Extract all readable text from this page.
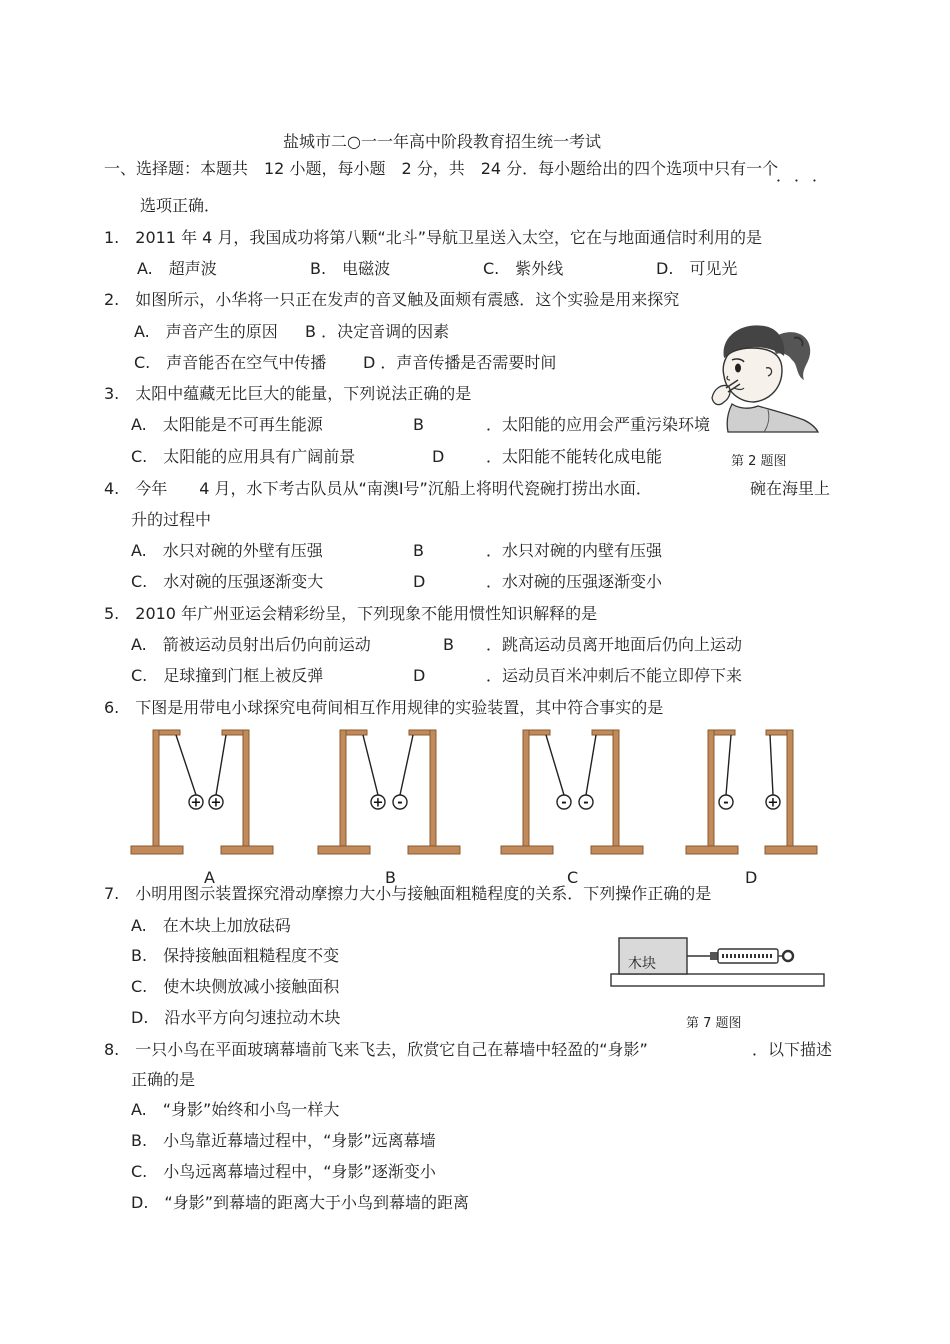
盐城市二○一一年高中阶段教育招生统一考试
一、选择题：本题共　12 小题，每小题　2 分，共　24 分．每小题给出的四个选项中只有一个
．．．
选项正确．
1.　2011 年 4 月，我国成功将第八颗“北斗”导航卫星送入太空，它在与地面通信时利用的是
A.　超声波	B.　电磁波	C.　紫外线	D.　可见光
2.　如图所示，小华将一只正在发声的音叉触及面颊有震感．这个实验是用来探究
A.　声音产生的原因 B ．决定音调的因素
C.　声音能否在空气中传播 D ．声音传播是否需要时间
第 2 题图
3.　太阳中蕴藏无比巨大的能量，下列说法正确的是
A.　太阳能是不可再生能源	B	．太阳能的应用会严重污染环境
C.　太阳能的应用具有广阔前景	D	．太阳能不能转化成电能
4.　今年　　4 月，水下考古队员从“南澳Ⅰ号”沉船上将明代瓷碗打捞出水面．	碗在海里上
升的过程中
A.　水只对碗的外壁有压强	B	．水只对碗的内壁有压强
C.　水对碗的压强逐渐变大	D	．水对碗的压强逐渐变小
5.　2010 年广州亚运会精彩纷呈，下列现象不能用惯性知识解释的是
A.　箭被运动员射出后仍向前运动	B ．跳高运动员离开地面后仍向上运动
C.　足球撞到门框上被反弹	D	．运动员百米冲刺后不能立即停下来
6.　下图是用带电小球探究电荷间相互作用规律的实验装置，其中符合事实的是
+ +	+ -	- -	-	+
A	B	C	D
7.　小明用图示装置探究滑动摩擦力大小与接触面粗糙程度的关系．下列操作正确的是
A.　在木块上加放砝码
B.　保持接触面粗糙程度不变
C.　使木块侧放减小接触面积
D.　沿水平方向匀速拉动木块
木块
第 7 题图
8.　一只小鸟在平面玻璃幕墙前飞来飞去，欣赏它自己在幕墙中轻盈的“身影”	．以下描述
正确的是
A.　“身影”始终和小鸟一样大
B.　小鸟靠近幕墙过程中，“身影”远离幕墙
C.　小鸟远离幕墙过程中，“身影”逐渐变小
D.　“身影”到幕墙的距离大于小鸟到幕墙的距离
